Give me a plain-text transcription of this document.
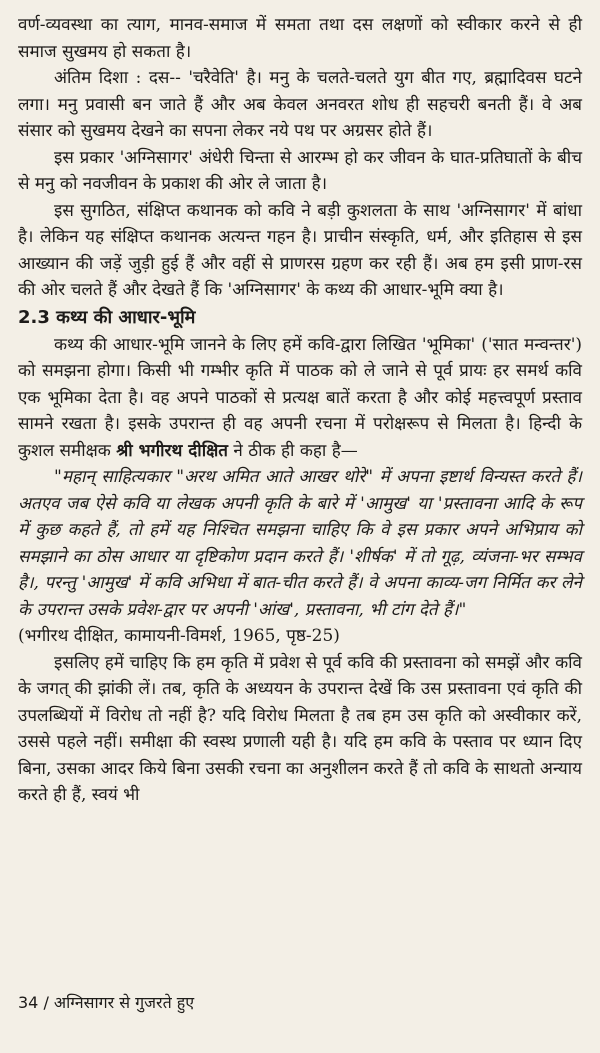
वर्ण-व्यवस्था का त्याग, मानव-समाज में समता तथा दस लक्षणों को स्वीकार करने से ही समाज सुखमय हो सकता है।

अंतिम दिशा : दस-- 'चरैवेति' है। मनु के चलते-चलते युग बीत गए, ब्रह्मादिवस घटने लगा। मनु प्रवासी बन जाते हैं और अब केवल अनवरत शोध ही सहचरी बनती हैं। वे अब संसार को सुखमय देखने का सपना लेकर नये पथ पर अग्रसर होते हैं।

इस प्रकार 'अग्निसागर' अंधेरी चिन्ता से आरम्भ हो कर जीवन के घात-प्रतिघातों के बीच से मनु को नवजीवन के प्रकाश की ओर ले जाता है।

इस सुगठित, संक्षिप्त कथानक को कवि ने बड़ी कुशलता के साथ 'अग्निसागर' में बांधा है। लेकिन यह संक्षिप्त कथानक अत्यन्त गहन है। प्राचीन संस्कृति, धर्म, और इतिहास से इस आख्यान की जड़ें जुड़ी हुई हैं और वहीं से प्राणरस ग्रहण कर रही हैं। अब हम इसी प्राण-रस की ओर चलते हैं और देखते हैं कि 'अग्निसागर' के कथ्य की आधार-भूमि क्या है।

2.3 कथ्य की आधार-भूमि

कथ्य की आधार-भूमि जानने के लिए हमें कवि-द्वारा लिखित 'भूमिका' ('सात मन्वन्तर') को समझना होगा। किसी भी गम्भीर कृति में पाठक को ले जाने से पूर्व प्रायः हर समर्थ कवि एक भूमिका देता है। वह अपने पाठकों से प्रत्यक्ष बातें करता है और कोई महत्त्वपूर्ण प्रस्ताव सामने रखता है। इसके उपरान्त ही वह अपनी रचना में परोक्षरूप से मिलता है। हिन्दी के कुशल समीक्षक श्री भगीरथ दीक्षित ने ठीक ही कहा है—

"महान् साहित्यकार "अरथ अमित आते आखर थोरे" में अपना इष्टार्थ विन्यस्त करते हैं। अतएव जब ऐसे कवि या लेखक अपनी कृति के बारे में 'आमुख' या 'प्रस्तावना आदि के रूप में कुछ कहते हैं, तो हमें यह निश्चित समझना चाहिए कि वे इस प्रकार अपने अभिप्राय को समझाने का ठोस आधार या दृष्टिकोण प्रदान करते हैं। 'शीर्षक' में तो गूढ़, व्यंजना-भर सम्भव है।, परन्तु 'आमुख' में कवि अभिधा में बात-चीत करते हैं। वे अपना काव्य-जग निर्मित कर लेने के उपरान्त उसके प्रवेश-द्वार पर अपनी 'आंख', प्रस्तावना, भी टांग देते हैं।"

(भगीरथ दीक्षित, कामायनी-विमर्श, 1965, पृष्ठ-25)

इसलिए हमें चाहिए कि हम कृति में प्रवेश से पूर्व कवि की प्रस्तावना को समझें और कवि के जगत् की झांकी लें। तब, कृति के अध्ययन के उपरान्त देखें कि उस प्रस्तावना एवं कृति की उपलब्धियों में विरोध तो नहीं है? यदि विरोध मिलता है तब हम उस कृति को अस्वीकार करें, उससे पहले नहीं। समीक्षा की स्वस्थ प्रणाली यही है। यदि हम कवि के पस्ताव पर ध्यान दिए बिना, उसका आदर किये बिना उसकी रचना का अनुशीलन करते हैं तो कवि के साथतो अन्याय करते ही हैं, स्वयं भी

34 / अग्निसागर से गुजरते हुए
